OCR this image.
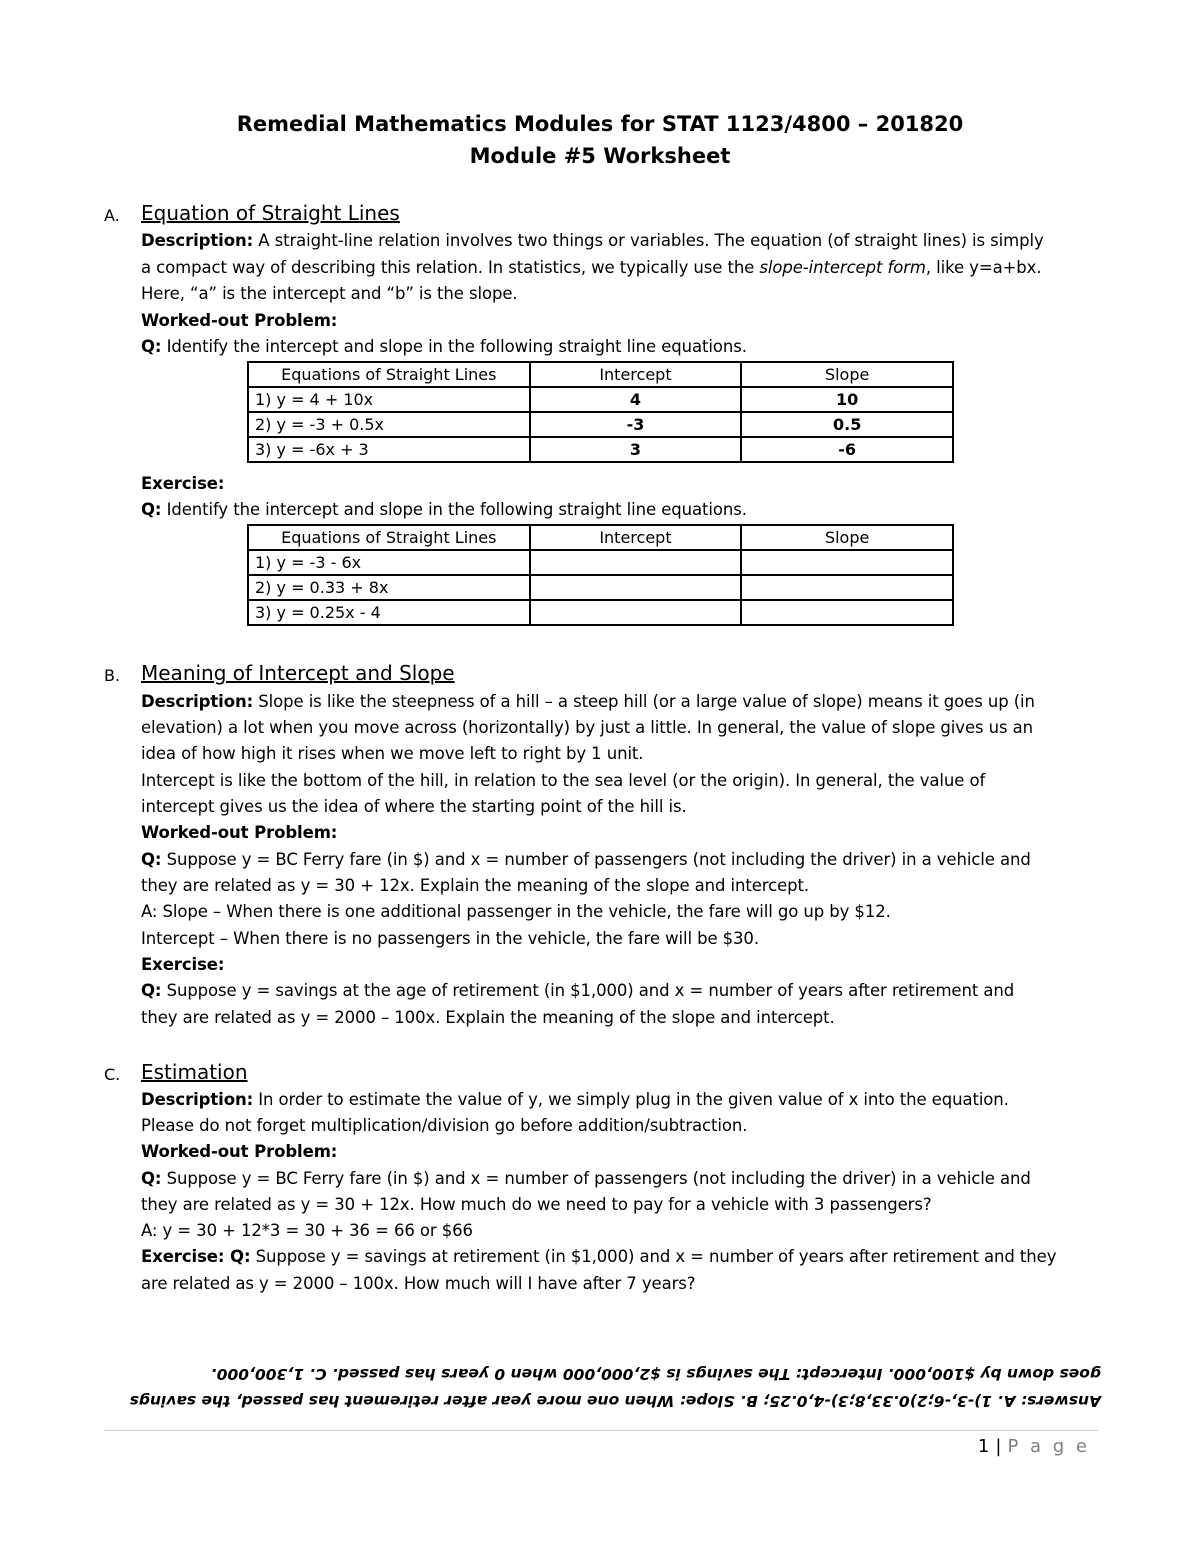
Remedial Mathematics Modules for STAT 1123/4800 – 201820
Module #5 Worksheet
A. Equation of Straight Lines
Description: A straight-line relation involves two things or variables. The equation (of straight lines) is simply
a compact way of describing this relation. In statistics, we typically use the slope-intercept form, like y=a+bx.
Here, “a” is the intercept and “b” is the slope.
Worked-out Problem:
Q: Identify the intercept and slope in the following straight line equations.
Equations of Straight Lines	Intercept	Slope
1) y = 4 + 10x	4	10
2) y = -3 + 0.5x	-3	0.5
3) y = -6x + 3	3	-6
Exercise:
Q: Identify the intercept and slope in the following straight line equations.
Equations of Straight Lines	Intercept	Slope
1) y = -3 - 6x		
2) y = 0.33 + 8x		
3) y = 0.25x - 4		
B. Meaning of Intercept and Slope
Description: Slope is like the steepness of a hill – a steep hill (or a large value of slope) means it goes up (in
elevation) a lot when you move across (horizontally) by just a little. In general, the value of slope gives us an
idea of how high it rises when we move left to right by 1 unit.
Intercept is like the bottom of the hill, in relation to the sea level (or the origin). In general, the value of
intercept gives us the idea of where the starting point of the hill is.
Worked-out Problem:
Q: Suppose y = BC Ferry fare (in $) and x = number of passengers (not including the driver) in a vehicle and
they are related as y = 30 + 12x. Explain the meaning of the slope and intercept.
A: Slope – When there is one additional passenger in the vehicle, the fare will go up by $12.
Intercept – When there is no passengers in the vehicle, the fare will be $30.
Exercise:
Q: Suppose y = savings at the age of retirement (in $1,000) and x = number of years after retirement and
they are related as y = 2000 – 100x. Explain the meaning of the slope and intercept.
C. Estimation
Description: In order to estimate the value of y, we simply plug in the given value of x into the equation.
Please do not forget multiplication/division go before addition/subtraction.
Worked-out Problem:
Q: Suppose y = BC Ferry fare (in $) and x = number of passengers (not including the driver) in a vehicle and
they are related as y = 30 + 12x. How much do we need to pay for a vehicle with 3 passengers?
A: y = 30 + 12*3 = 30 + 36 = 66 or $66
Exercise: Q: Suppose y = savings at retirement (in $1,000) and x = number of years after retirement and they
are related as y = 2000 – 100x. How much will I have after 7 years?
Answers: A. 1)-3,-6;2)0.33,8;3)-4,0.25; B. Slope: When one more year after retirement has passed, the savings
goes down by $100,000. Intercept: The savings is $2,000,000 when 0 years has passed. C. 1,300,000.
1 | P a g e
